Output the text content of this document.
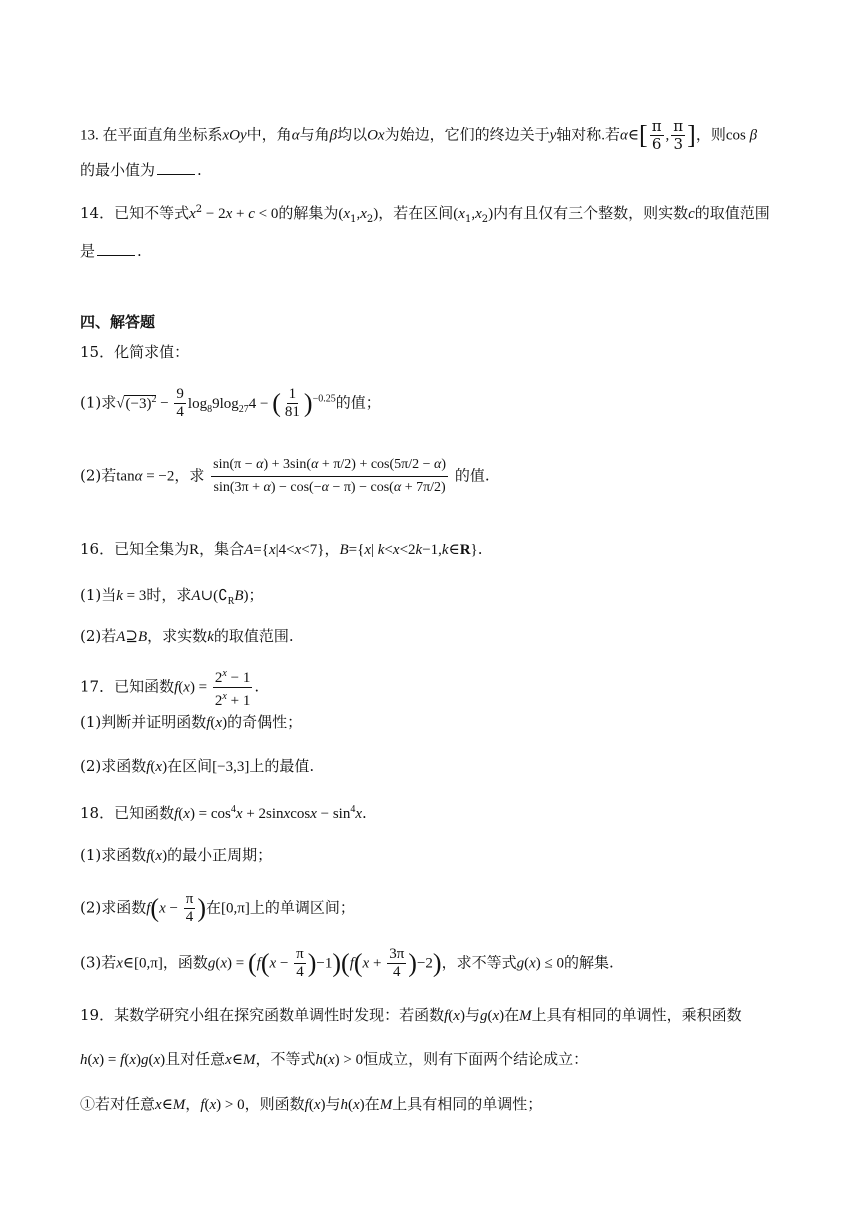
13. 在平面直角坐标系xOy中，角α与角β均以Ox为始边，它们的终边关于y轴对称.若α∈[ $\frac{\pi}{6}$ , $\frac{\pi}{3}$ ]，则cos β
的最小值为	.
14．已知不等式$x^2 - 2x + c < 0$的解集为$(x_1,x_2)$，若在区间$(x_1,x_2)$内有且仅有三个整数，则实数c的取值范围
是	.
四、解答题
15．化简求值：
(1)求$√(-3)^2 - \frac{9}{4} \log_89\log_{27}4$ − ( $\frac{1}{81} )^{-0.25}$的值；
(2)若tanα = −2，求 $\frac{\sin(\pi - \alpha) + 3\sin(\alpha + \pi/2) + \cos(5\pi/2 - \alpha)}{\sin(3\pi + \alpha) - \cos(-\alpha - \pi) - \cos(\alpha + 7\pi/2)}$ 的值.
16．已知全集为R，集合A={x|4<x<7}，B={x| k<x<2k−1,k∈R}.
(1)当k = 3时，求$A\cup(∁_RB)$；
(2)若A⊇B，求实数k的取值范围.
17．已知函数$f(x) = \frac{2^x - 1}{2^x + 1}$ .
(1)判断并证明函数f(x)的奇偶性；
(2)求函数f(x)在区间[−3,3]上的最值.
18．已知函数$f(x) = \cos^4x$ + 2sinxcosx − $\sin^4x$.
(1)求函数f(x)的最小正周期；
(2)求函数$f(x - \frac{\pi}{4}$ )在[0,π]上的单调区间；
(3)若x∈[0,π]，函数$g(x) = (f(x - \frac{\pi}{4} )-1)(f(x + \frac{3\pi}{4} )-2)$，求不等式g(x) ≤ 0的解集.
19．某数学研究小组在探究函数单调性时发现：若函数f(x)与g(x)在M上具有相同的单调性，乘积函数
h(x) = f(x)g(x)且对任意x∈M，不等式h(x) > 0恒成立，则有下面两个结论成立：
①若对任意x∈M，f(x) > 0，则函数f(x)与h(x)在M上具有相同的单调性；
